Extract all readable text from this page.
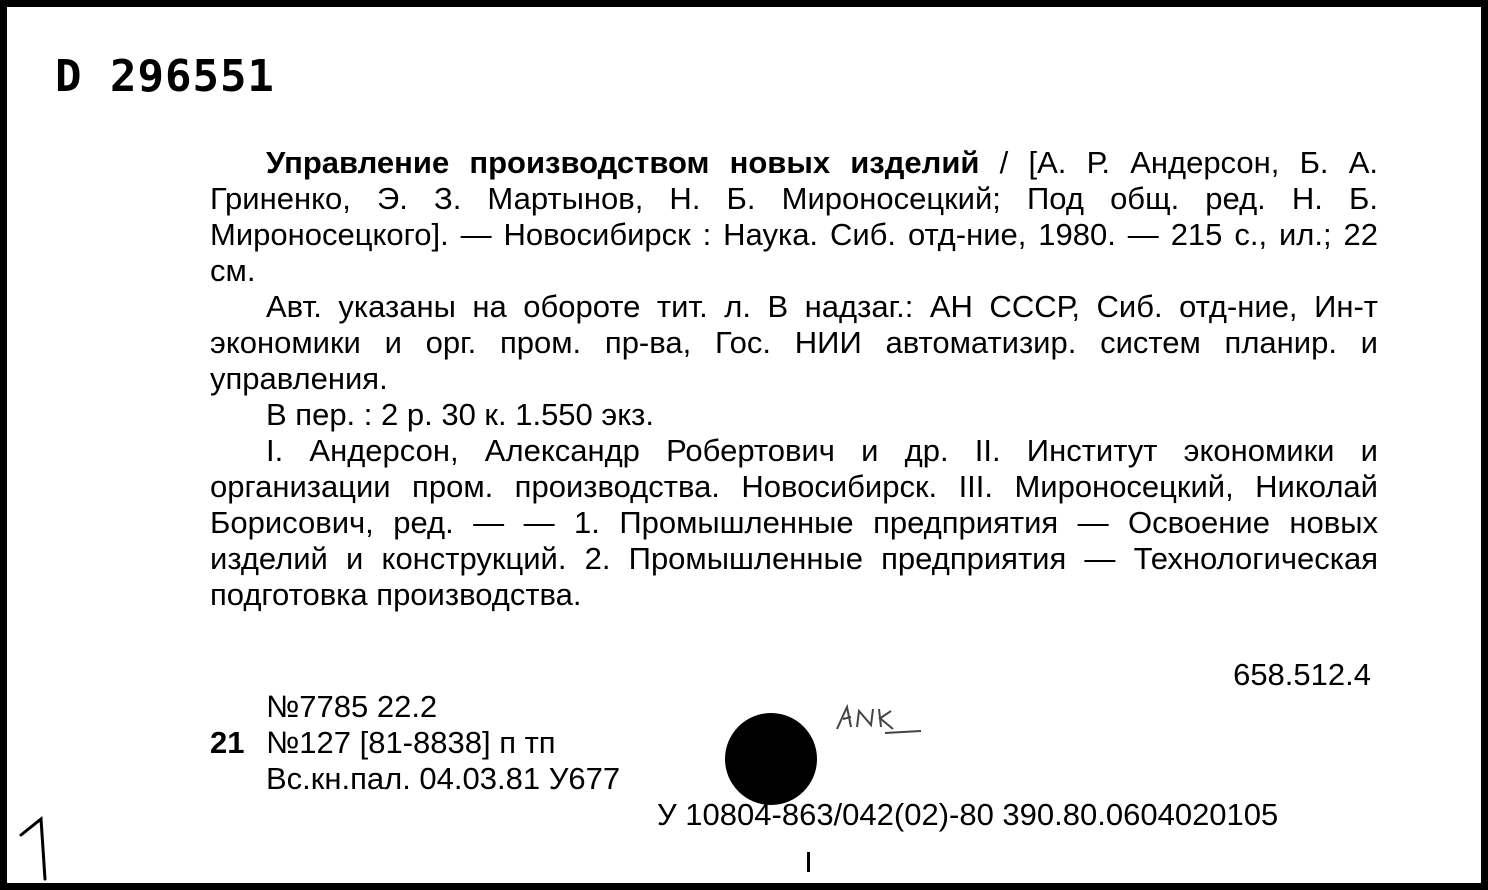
D 296551

Управление производством новых изделий / [А. Р. Андерсон, Б. А. Гриненко, Э. З. Мартынов, Н. Б. Мироносецкий; Под общ. ред. Н. Б. Мироносецкого]. — Новосибирск : Наука. Сиб. отд-ние, 1980. — 215 с., ил.; 22 см.

Авт. указаны на обороте тит. л. В надзаг.: АН СССР, Сиб. отд-ние, Ин-т экономики и орг. пром. пр-ва, Гос. НИИ автоматизир. систем планир. и управления.

В пер. : 2 р. 30 к. 1.550 экз.

I. Андерсон, Александр Робертович и др. II. Институт экономики и организации пром. производства. Новосибирск. III. Мироносецкий, Николай Борисович, ред. — — 1. Промышленные предприятия — Освоение новых изделий и конструкций. 2. Промышленные предприятия — Технологическая подготовка производства.

658.512.4
№7785 22.2
21 №127 [81-8838] п тп
Вс.кн.пал. 04.03.81 У677
У 10804-863/042(02)-80 390.80.0604020105
